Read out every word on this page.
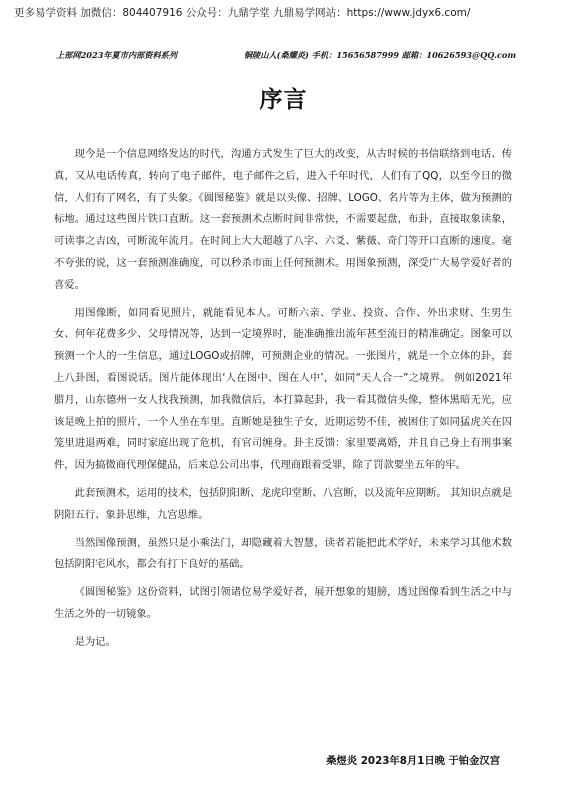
更多易学资料 加微信：804407916 公众号：九鼎学堂 九鼎易学网站：https://www.jdyx6.com/
上部网2023年夏市内部资料系列	铜陵山人(桑耀炎) 手机：15656587999 邮箱：10626593@QQ.com
序言

现今是一个信息网络发达的时代，沟通方式发生了巨大的改变，从古时候的书信联络到电话、传真，又从电话传真，转向了电子邮件，电子邮件之后，进入千年时代，人们有了QQ，以至今日的微信，人们有了网名，有了头象。《圆图秘鉴》就是以头像、招牌、LOGO、名片等为主体，做为预测的标地。通过这些图片铁口直断。这一套预测术点断时间非常快，不需要起盘，布卦，直接取象读象，可读事之吉凶，可断流年流月。在时间上大大超越了八字、六爻、紫薇、奇门等开口直断的速度。毫不夸张的说，这一套预测准确度，可以秒杀市面上任何预测术。用图象预测，深受广大易学爱好者的喜爱。

用图像断，如同看见照片，就能看见本人。可断六亲、学业、投资、合作、外出求财、生男生女、何年花费多少、父母情况等，达到一定境界时，能准确推出流年甚至流日的精准确定。图象可以预测一个人的一生信息，通过LOGO或招牌，可预测企业的情况。一张图片，就是一个立体的卦，套上八卦图，看图说话。图片能体现出‘人在图中、图在人中’，如同“天人合一”之境界。 例如2021年腊月，山东德州一女人找我预测，加我微信后，本打算起卦，我一看其微信头像，整体黑暗无光，应该是晚上拍的照片，一个人坐在车里。直断她是独生子女，近期运势不佳，被困住了如同猛虎关在囚笼里进退两难，同时家庭出现了危机，有官司缠身。卦主反馈：家里要离婚，并且自己身上有刑事案件，因为搞微商代理保健品，后来总公司出事，代理商跟着受罪，除了罚款要坐五年的牢。

此套预测术，运用的技术，包括阴阳断、龙虎印堂断、八宫断，以及流年应期断。 其知识点就是阴阳五行、象卦思维，九宫思维。

当然图像预测，虽然只是小乘法门，却隐藏着大智慧，读者若能把此术学好，未来学习其他术数包括阴阳宅风水，都会有打下良好的基础。

《圆图秘鉴》这份资料，试图引领诸位易学爱好者，展开想象的翅膀，透过图像看到生活之中与生活之外的一切镜象。

是为记。

桑煜炎 2023年8月1日晚 于铂金汉宫
